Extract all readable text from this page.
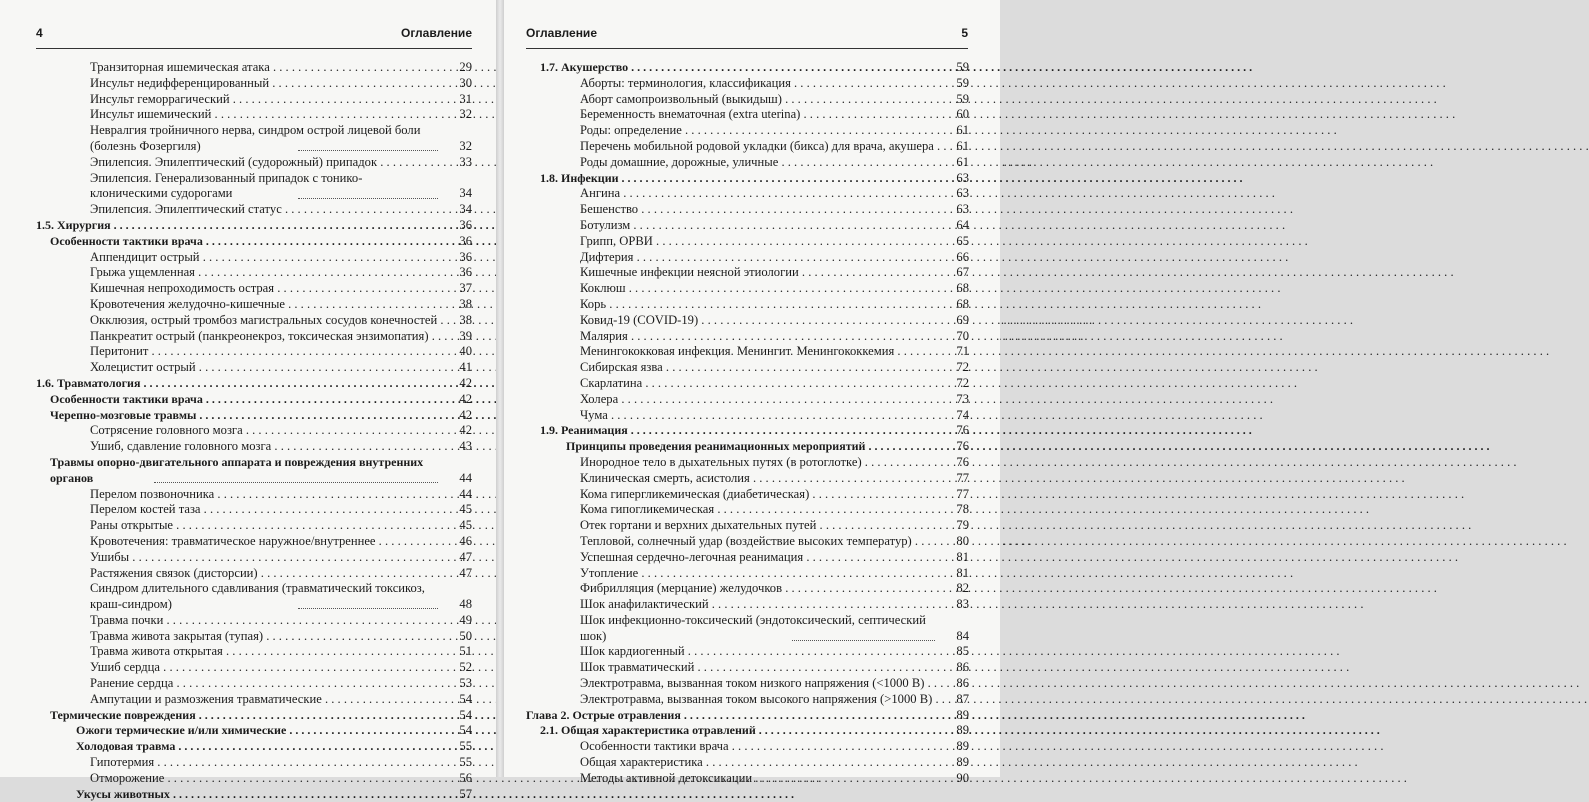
4	Оглавление
Транзиторная ишемическая атака . . .	29
Инсульт недифференцированный . . .	30
Инсульт геморрагический . . .	31
Инсульт ишемический . . .	32
Невралгия тройничного нерва, синдром острой лицевой боли (болезнь Фозергиля)	32
Эпилепсия. Эпилептический (судорожный) припадок . . .	33
Эпилепсия. Генерализованный припадок с тонико-клоническими судорогами	34
Эпилепсия. Эпилептический статус . . .	34
1.5. Хирургия . . .	36
Особенности тактики врача . . .	36
Аппендицит острый . . .	36
Грыжа ущемленная . . .	36
Кишечная непроходимость острая . . .	37
Кровотечения желудочно-кишечные . . .	38
Окклюзия, острый тромбоз магистральных сосудов конечностей . . .	38
Панкреатит острый (панкреонекроз, токсическая энзимопатия) . . .	39
Перитонит . . .	40
Холецистит острый . . .	41
1.6. Травматология . . .	42
Особенности тактики врача . . .	42
Черепно-мозговые травмы . . .	42
Сотрясение головного мозга . . .	42
Ушиб, сдавление головного мозга . . .	43
Травмы опорно-двигательного аппарата и повреждения внутренних органов	44
Перелом позвоночника . . .	44
Перелом костей таза . . .	45
Раны открытые . . .	45
Кровотечения: травматическое наружное/внутреннее . . .	46
Ушибы . . .	47
Растяжения связок (дисторсии) . . .	47
Синдром длительного сдавливания (травматический токсикоз, краш-синдром)	48
Травма почки . . .	49
Травма живота закрытая (тупая) . . .	50
Травма живота открытая . . .	51
Ушиб сердца . . .	52
Ранение сердца . . .	53
Ампутации и размозжения травматические . . .	54
Термические повреждения . . .	54
Ожоги термические и/или химические . . .	54
Холодовая травма . . .	55
Гипотермия . . .	55
Отморожение . . .	56
Укусы животных . . .	57
Оглавление	5
1.7. Акушерство . . .	59
Аборты: терминология, классификация . . .	59
Аборт самопроизвольный (выкидыш) . . .	59
Беременность внематочная (extra uterina) . . .	60
Роды: определение . . .	61
Перечень мобильной родовой укладки (бикса) для врача, акушера . . .	61
Роды домашние, дорожные, уличные . . .	61
1.8. Инфекции . . .	63
Ангина . . .	63
Бешенство . . .	63
Ботулизм . . .	64
Грипп, ОРВИ . . .	65
Дифтерия . . .	66
Кишечные инфекции неясной этиологии . . .	67
Коклюш . . .	68
Корь . . .	68
Ковид-19 (COVID-19) . . .	69
Малярия . . .	70
Менингококковая инфекция. Менингит. Менингококкемия . . .	71
Сибирская язва . . .	72
Скарлатина . . .	72
Холера . . .	73
Чума . . .	74
1.9. Реанимация . . .	76
Принципы проведения реанимационных мероприятий . . .	76
Инородное тело в дыхательных путях (в ротоглотке) . . .	76
Клиническая смерть, асистолия . . .	77
Кома гипергликемическая (диабетическая) . . .	77
Кома гипогликемическая . . .	78
Отек гортани и верхних дыхательных путей . . .	79
Тепловой, солнечный удар (воздействие высоких температур) . . .	80
Успешная сердечно-легочная реанимация . . .	81
Утопление . . .	81
Фибрилляция (мерцание) желудочков . . .	82
Шок анафилактический . . .	83
Шок инфекционно-токсический (эндотоксический, септический шок)	84
Шок кардиогенный . . .	85
Шок травматический . . .	86
Электротравма, вызванная током низкого напряжения (<1000 В) . . .	86
Электротравма, вызванная током высокого напряжения (>1000 В) . . .	87
Глава 2. Острые отравления . . .	89
2.1. Общая характеристика отравлений . . .	89
Особенности тактики врача . . .	89
Общая характеристика . . .	89
Методы активной детоксикации . . .	90
